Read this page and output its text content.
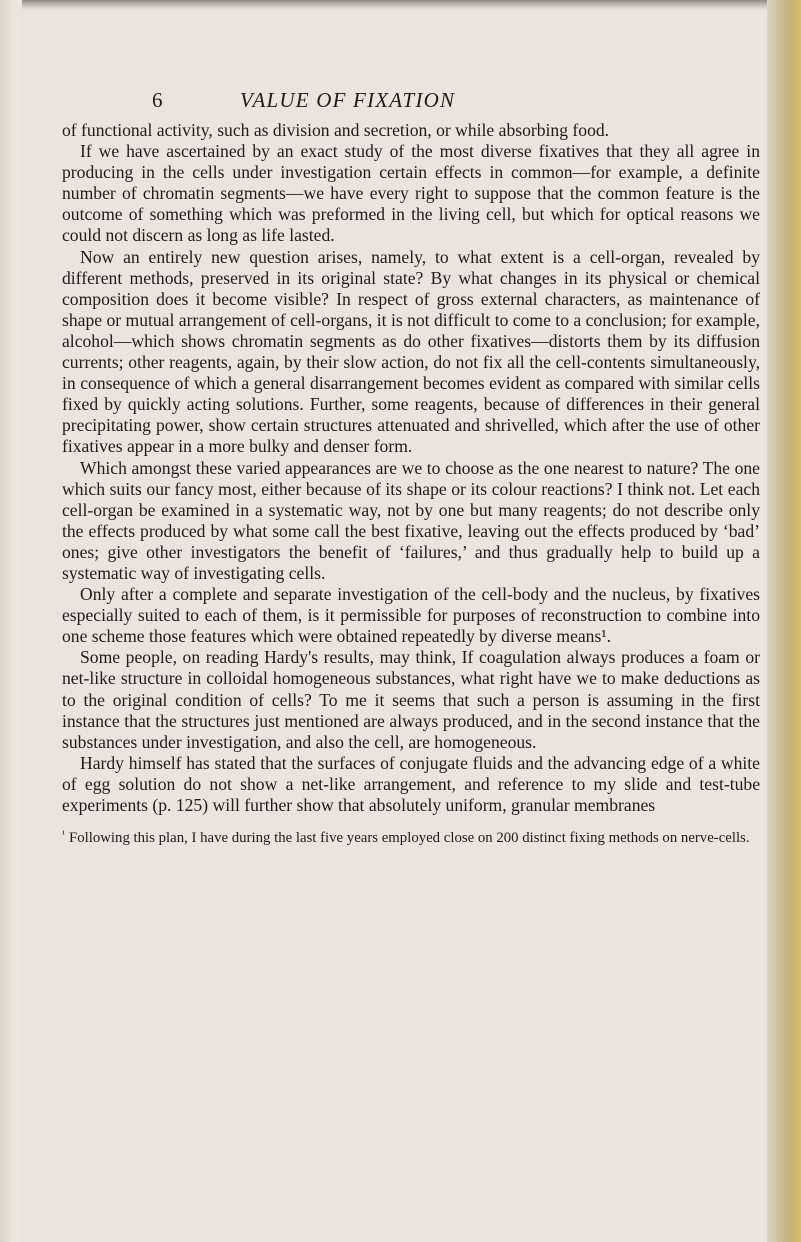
6	VALUE OF FIXATION

of functional activity, such as division and secretion, or while absorbing food.

If we have ascertained by an exact study of the most diverse fixatives that they all agree in producing in the cells under investigation certain effects in common—for example, a definite number of chromatin segments—we have every right to suppose that the common feature is the outcome of something which was preformed in the living cell, but which for optical reasons we could not discern as long as life lasted.

Now an entirely new question arises, namely, to what extent is a cell-organ, revealed by different methods, preserved in its original state? By what changes in its physical or chemical composition does it become visible? In respect of gross external characters, as maintenance of shape or mutual arrangement of cell-organs, it is not difficult to come to a conclusion; for example, alcohol—which shows chromatin segments as do other fixatives—distorts them by its diffusion currents; other reagents, again, by their slow action, do not fix all the cell-contents simultaneously, in consequence of which a general disarrangement becomes evident as compared with similar cells fixed by quickly acting solutions. Further, some reagents, because of differences in their general precipitating power, show certain structures attenuated and shrivelled, which after the use of other fixatives appear in a more bulky and denser form.

Which amongst these varied appearances are we to choose as the one nearest to nature? The one which suits our fancy most, either because of its shape or its colour reactions? I think not. Let each cell-organ be examined in a systematic way, not by one but many reagents; do not describe only the effects produced by what some call the best fixative, leaving out the effects produced by ‘bad’ ones; give other investigators the benefit of ‘failures,’ and thus gradually help to build up a systematic way of investigating cells.

Only after a complete and separate investigation of the cell-body and the nucleus, by fixatives especially suited to each of them, is it permissible for purposes of reconstruction to combine into one scheme those features which were obtained repeatedly by diverse means¹.

Some people, on reading Hardy's results, may think, If coagulation always produces a foam or net-like structure in colloidal homogeneous substances, what right have we to make deductions as to the original condition of cells? To me it seems that such a person is assuming in the first instance that the structures just mentioned are always produced, and in the second instance that the substances under investigation, and also the cell, are homogeneous.

Hardy himself has stated that the surfaces of conjugate fluids and the advancing edge of a white of egg solution do not show a net-like arrangement, and reference to my slide and test-tube experiments (p. 125) will further show that absolutely uniform, granular membranes

$^{^1}$ Following this plan, I have during the last five years employed close on 200 distinct fixing methods on nerve-cells.
